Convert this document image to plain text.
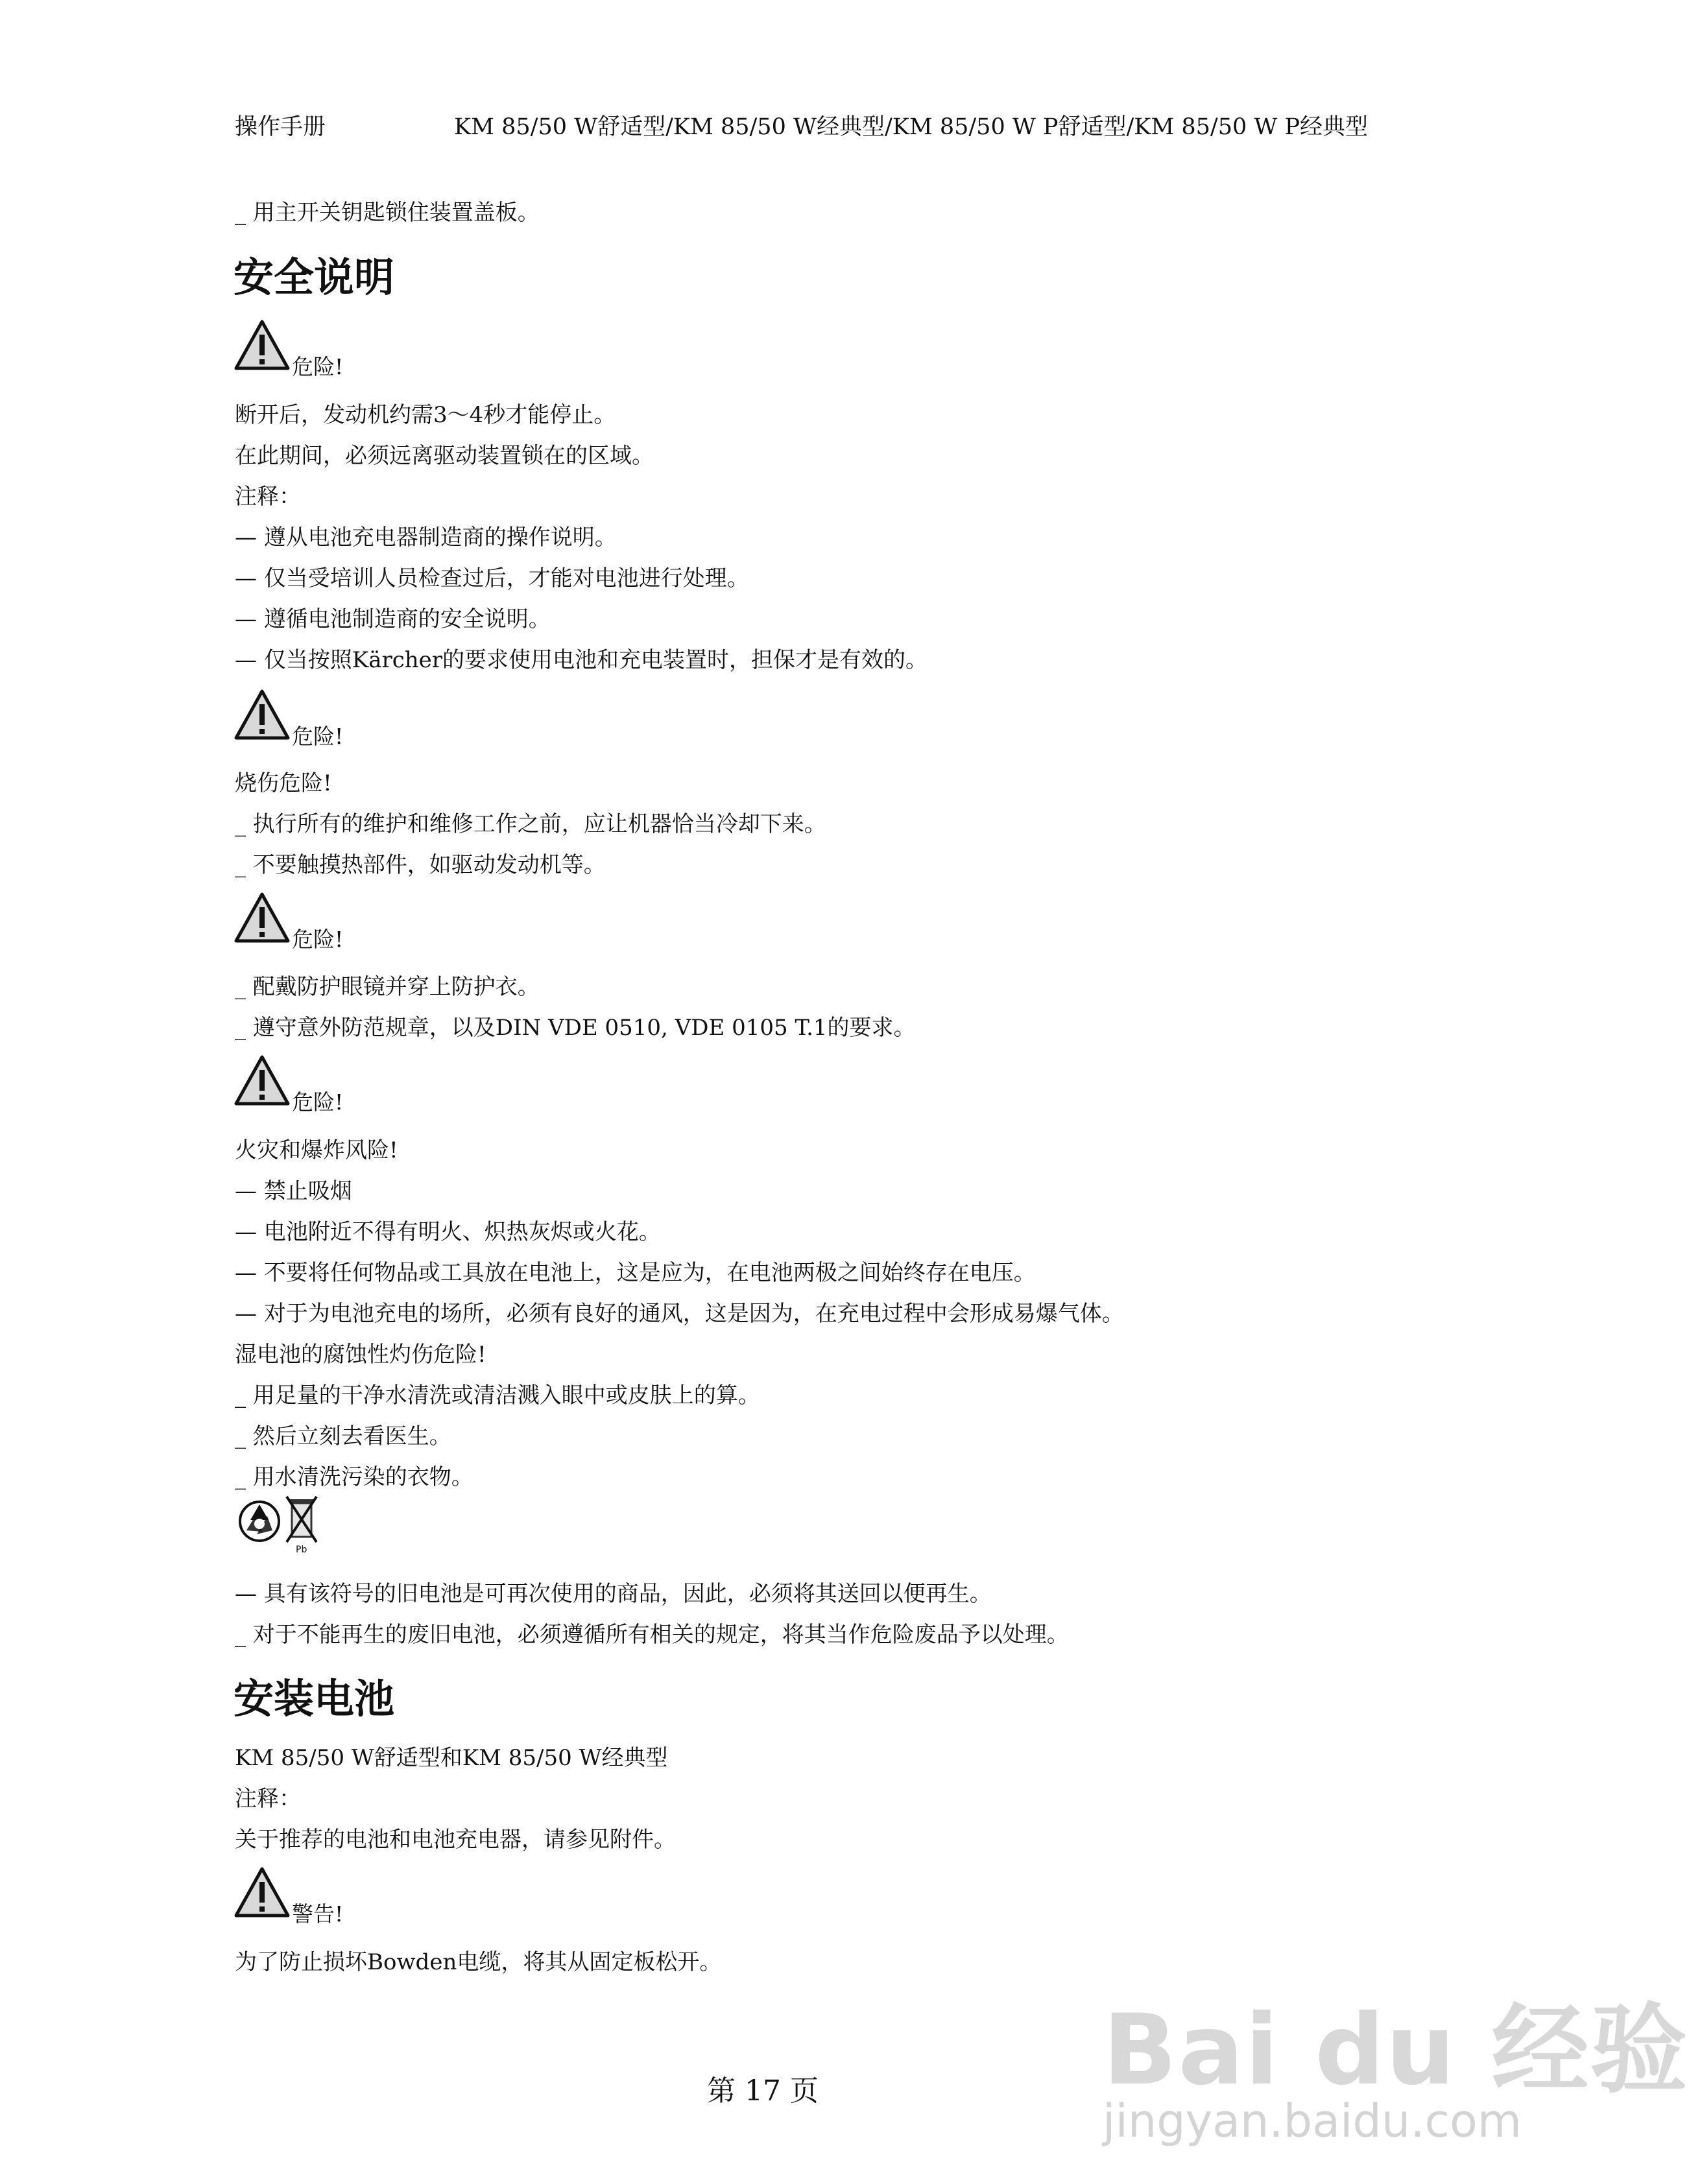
操作手册	KM 85/50 W舒适型/KM 85/50 W经典型/KM 85/50 W P舒适型/KM 85/50 W P经典型
_ 用主开关钥匙锁住装置盖板。
安全说明
危险!
断开后，发动机约需3～4秒才能停止。
在此期间，必须远离驱动装置锁在的区域。
注释：
— 遵从电池充电器制造商的操作说明。
— 仅当受培训人员检查过后，才能对电池进行处理。
— 遵循电池制造商的安全说明。
— 仅当按照Kärcher的要求使用电池和充电装置时，担保才是有效的。
危险!
烧伤危险!
_ 执行所有的维护和维修工作之前，应让机器恰当冷却下来。
_ 不要触摸热部件，如驱动发动机等。
危险!
_ 配戴防护眼镜并穿上防护衣。
_ 遵守意外防范规章，以及DIN VDE 0510, VDE 0105 T.1的要求。
危险!
火灾和爆炸风险!
— 禁止吸烟
— 电池附近不得有明火、炽热灰烬或火花。
— 不要将任何物品或工具放在电池上，这是应为，在电池两极之间始终存在电压。
— 对于为电池充电的场所，必须有良好的通风，这是因为，在充电过程中会形成易爆气体。
湿电池的腐蚀性灼伤危险!
_ 用足量的干净水清洗或清洁溅入眼中或皮肤上的算。
_ 然后立刻去看医生。
_ 用水清洗污染的衣物。
Pb
— 具有该符号的旧电池是可再次使用的商品，因此，必须将其送回以便再生。
_ 对于不能再生的废旧电池，必须遵循所有相关的规定，将其当作危险废品予以处理。
安装电池
KM 85/50 W舒适型和KM 85/50 W经典型
注释：
关于推荐的电池和电池充电器，请参见附件。
警告!
为了防止损坏Bowden电缆，将其从固定板松开。
Bai du 经验
jingyan.baidu.com
第 17 页
